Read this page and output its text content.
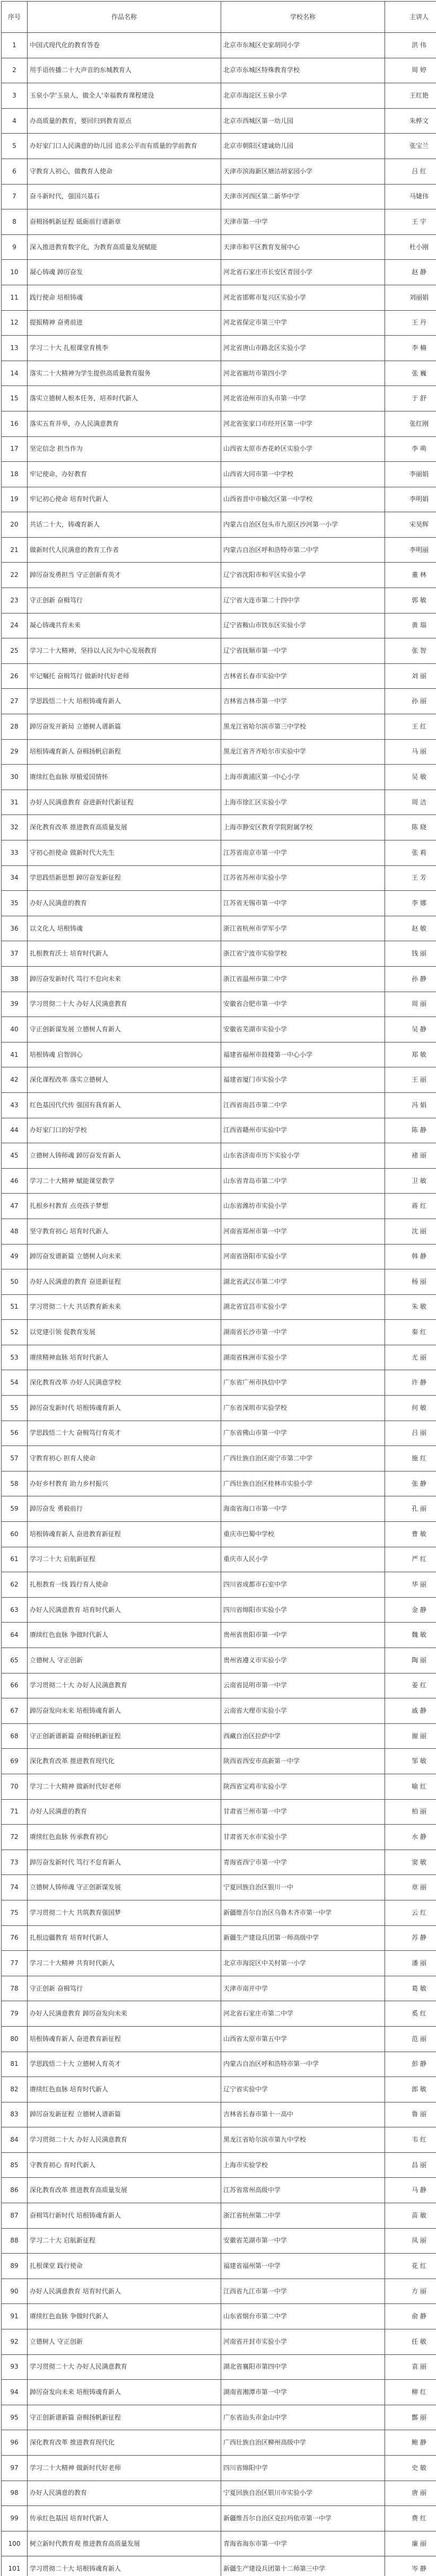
序号	作品名称	学校名称	主讲人
1	中国式现代化的教育答卷	北京市东城区史家胡同小学	洪 伟
2	用手语传播二十大声音的东城教育人	北京市东城区特殊教育学校	周 婷
3	玉泉小学'玉泉人，做全人'幸福教育课程建设	北京市海淀区玉泉小学	王红艳
4	办高质量的教育，要回归到教育原点	北京市西城区第一幼儿园	朱桦文
5	办好家门口人民满意的幼儿园 追求公平而有质量的学前教育	北京市朝阳区建诚幼儿园	张宝兰
6	守教育人初心，做教育人使命	天津市滨海新区塘沽胡家园小学	吕 红
7	奋斗新时代，强国兴基石	天津市河西区第二新华中学	马婕伟
8	奋楫扬帆新征程 砥砺前行谱新章	天津市第一中学	王 宇
9	深入推进教育数字化，为教育高质量发展赋能	天津市和平区教育发展中心	杜小刚
10	凝心铸魂 踔厉奋发	河北省石家庄市长安区青园小学	赵 静
11	践行使命 培根铸魂	河北省邯郸市复兴区实验小学	刘丽娟
12	提振精神 奋勇前进	河北省保定市第三中学	王 丹
13	学习二十大 扎根课堂育桃李	河北省唐山市路北区实验小学	李 楠
14	落实二十大精神为学生提供高质量教育服务	河北省廊坊市第四小学	张 巍
15	落实立德树人根本任务，培养时代新人	河北省沧州市泊头市第一中学	于 舒
16	落实五育并举，办人民满意教育	河北省张家口市经开区第一中学	张红刚
17	坚定信念 担当作为	山西省太原市杏花岭区实验小学	李 萌
18	牢记使命，办好教育	山西省大同市第一中学校	李丽娟
19	牢记初心使命 培育时代新人	山西省晋中市榆次区第一中学校	李明娟
20	共话二十大，铸魂育新人	内蒙古自治区包头市九原区沙河第一小学	宋昊辉
21	做新时代人民满意的教育工作者	内蒙古自治区呼和浩特市第二中学	李明丽
22	踔厉奋发勇担当 守正创新育英才	辽宁省沈阳市和平区实验小学	董 林
23	守正创新 奋楫笃行	辽宁省大连市第二十四中学	郭 敏
24	凝心铸魂共育未来	辽宁省鞍山市铁东区实验小学	黄 瑞
25	学习二十大精神，坚持以人民为中心发展教育	辽宁省抚顺市第一中学	张 智
26	牢记嘱托 奋楫笃行 做新时代好老师	吉林省长春市实验中学	刘 丽
27	学思践悟二十大 培根铸魂育新人	吉林省吉林市第一中学	孙 丽
28	踔厉奋发开新局 立德树人谱新篇	黑龙江省哈尔滨市第三中学校	王 红
29	培根铸魂育新人 奋楫扬帆启新程	黑龙江省齐齐哈尔市实验中学	马 丽
30	赓续红色血脉 厚植爱国情怀	上海市黄浦区第一中心小学	吴 敏
31	办好人民满意教育 奋进新时代新征程	上海市徐汇区实验小学	周 洁
32	深化教育改革 推进教育高质量发展	上海市静安区教育学院附属学校	陈 晓
33	守初心担使命 做新时代大先生	江苏省南京市第一中学	张 莉
34	学思践悟新思想 踔厉奋发新征程	江苏省苏州市实验小学	王 芳
35	办好人民满意的教育	江苏省无锡市第一中学	李 娜
36	以文化人 培根铸魂	浙江省杭州市学军小学	赵 敏
37	扎根教育沃土 培育时代新人	浙江省宁波市实验学校	钱 丽
38	踔厉奋发新时代 笃行不怠向未来	浙江省温州市第二中学	孙 静
39	学习贯彻二十大 办好人民满意教育	安徽省合肥市第一中学	周 丽
40	守正创新谋发展 立德树人育新人	安徽省芜湖市实验小学	吴 静
41	培根铸魂 启智润心	福建省福州市鼓楼第一中心小学	郑 敏
42	深化课程改革 落实立德树人	福建省厦门市实验小学	王 丽
43	红色基因代代传 强国有我育新人	江西省南昌市第二中学	冯 娟
44	办好家门口的好学校	江西省赣州市实验中学	陈 静
45	立德树人铸师魂 踔厉奋发育新人	山东省济南市历下实验小学	褚 丽
46	学习二十大精神 赋能课堂教学	山东省青岛市第二中学	卫 敏
47	扎根乡村教育 点亮孩子梦想	山东省潍坊市实验小学	蒋 红
48	坚守教育初心 培育时代新人	河南省郑州市第一中学	沈 丽
49	踔厉奋发谱新篇 立德树人向未来	河南省洛阳市实验小学	韩 静
50	办好人民满意的教育 奋进新征程	湖北省武汉市第二中学	杨 丽
51	学习贯彻二十大 共话教育新未来	湖北省宜昌市实验小学	朱 敏
52	以党建引领 促教育发展	湖南省长沙市第一中学	秦 红
53	赓续精神血脉 培育时代新人	湖南省株洲市实验小学	尤 丽
54	深化教育改革 办好人民满意学校	广东省广州市执信中学	许 静
55	踔厉奋发新时代 培根铸魂育新人	广东省深圳市实验学校	何 敏
56	学思践悟二十大 奋楫笃行育英才	广东省佛山市第一中学	吕 丽
57	守教育初心 担育人使命	广西壮族自治区南宁市第二中学	施 红
58	办好乡村教育 助力乡村振兴	广西壮族自治区桂林市实验小学	张 静
59	踔厉奋发 勇毅前行	海南省海口市第一中学	孔 丽
60	培根铸魂育新人 奋进教育新征程	重庆市巴蜀中学校	曹 敏
61	学习二十大 启航新征程	重庆市人民小学	严 红
62	扎根教育一线 践行育人使命	四川省成都市石室中学	华 丽
63	办好人民满意教育 培育时代新人	四川省绵阳市实验小学	金 静
64	赓续红色血脉 争做时代新人	贵州省贵阳市第一中学	魏 敏
65	立德树人 守正创新	贵州省遵义市实验小学	陶 丽
66	学习贯彻二十大 办好人民满意教育	云南省昆明市第一中学	姜 红
67	踔厉奋发向未来 培根铸魂育新人	云南省大理市实验小学	戚 静
68	守正创新谱新篇 奋楫扬帆新征程	西藏自治区拉萨中学	谢 丽
69	深化教育改革 推进教育现代化	陕西省西安市高新第一中学	邹 敏
70	学习二十大精神 做新时代好老师	陕西省宝鸡市实验小学	喻 红
71	办好人民满意的教育	甘肃省兰州市第一中学	柏 丽
72	赓续红色血脉 传承教育初心	甘肃省天水市实验小学	水 静
73	踔厉奋发新时代 笃行不怠育新人	青海省西宁市第一中学	窦 敏
74	立德树人铸师魂 守正创新谋发展	宁夏回族自治区银川一中	章 丽
75	学习贯彻二十大 共筑教育强国梦	新疆维吾尔自治区乌鲁木齐市第一中学	云 红
76	扎根边疆教育 培育时代新人	新疆生产建设兵团第一师高级中学	苏 静
77	学习二十大精神 共育时代新人	北京市海淀区中关村第一小学	潘 丽
78	守正创新 奋楫笃行	天津市南开中学	葛 敏
79	办好人民满意教育 踔厉奋发向未来	河北省石家庄市第二中学	奚 红
80	培根铸魂育新人 奋进教育新征程	山西省太原市第五中学	范 丽
81	学思践悟二十大 立德树人育英才	内蒙古自治区呼和浩特市第一中学	彭 静
82	赓续红色血脉 培育时代新人	辽宁省实验中学	郎 敏
83	踔厉奋发新征程 立德树人谱新篇	吉林省长春市第十一高中	鲁 丽
84	学习贯彻二十大 办好人民满意教育	黑龙江省哈尔滨市第九中学校	韦 红
85	守教育初心 育时代新人	上海市实验学校	昌 丽
86	深化教育改革 推进教育高质量发展	江苏省常州高级中学	马 静
87	奋楫笃行新时代 培根铸魂育新人	浙江省杭州第二中学	苗 敏
88	学习二十大 启航新征程	安徽省芜湖市第一中学	凤 丽
89	扎根课堂 践行使命	福建省福州第一中学	花 红
90	办好人民满意教育 培育时代新人	江西省九江市第一中学	方 丽
91	赓续红色血脉 争做时代新人	山东省烟台市第二中学	俞 静
92	立德树人 守正创新	河南省开封市实验小学	任 敏
93	学习贯彻二十大 办好人民满意教育	湖北省襄阳市第四中学	袁 丽
94	踔厉奋发向未来 培根铸魂育新人	湖南省湘潭市第一中学	柳 红
95	守正创新谱新篇 奋楫扬帆新征程	广东省汕头市金山中学	酆 丽
96	深化教育改革 推进教育现代化	广西壮族自治区柳州高级中学	鲍 静
97	学习二十大精神 做新时代好老师	四川省绵阳中学	史 敏
98	办好人民满意的教育	宁夏回族自治区银川市实验小学	唐 丽
99	传承红色基因 培育时代新人	新疆维吾尔自治区克拉玛依市第一中学	费 红
100	树立新时代教育观 推进教育高质量发展	青海省海东市第一中学	廉 丽
101	学习贯彻二十大 培根铸魂育新人	新疆生产建设兵团第十二师第三中学	岑 静
